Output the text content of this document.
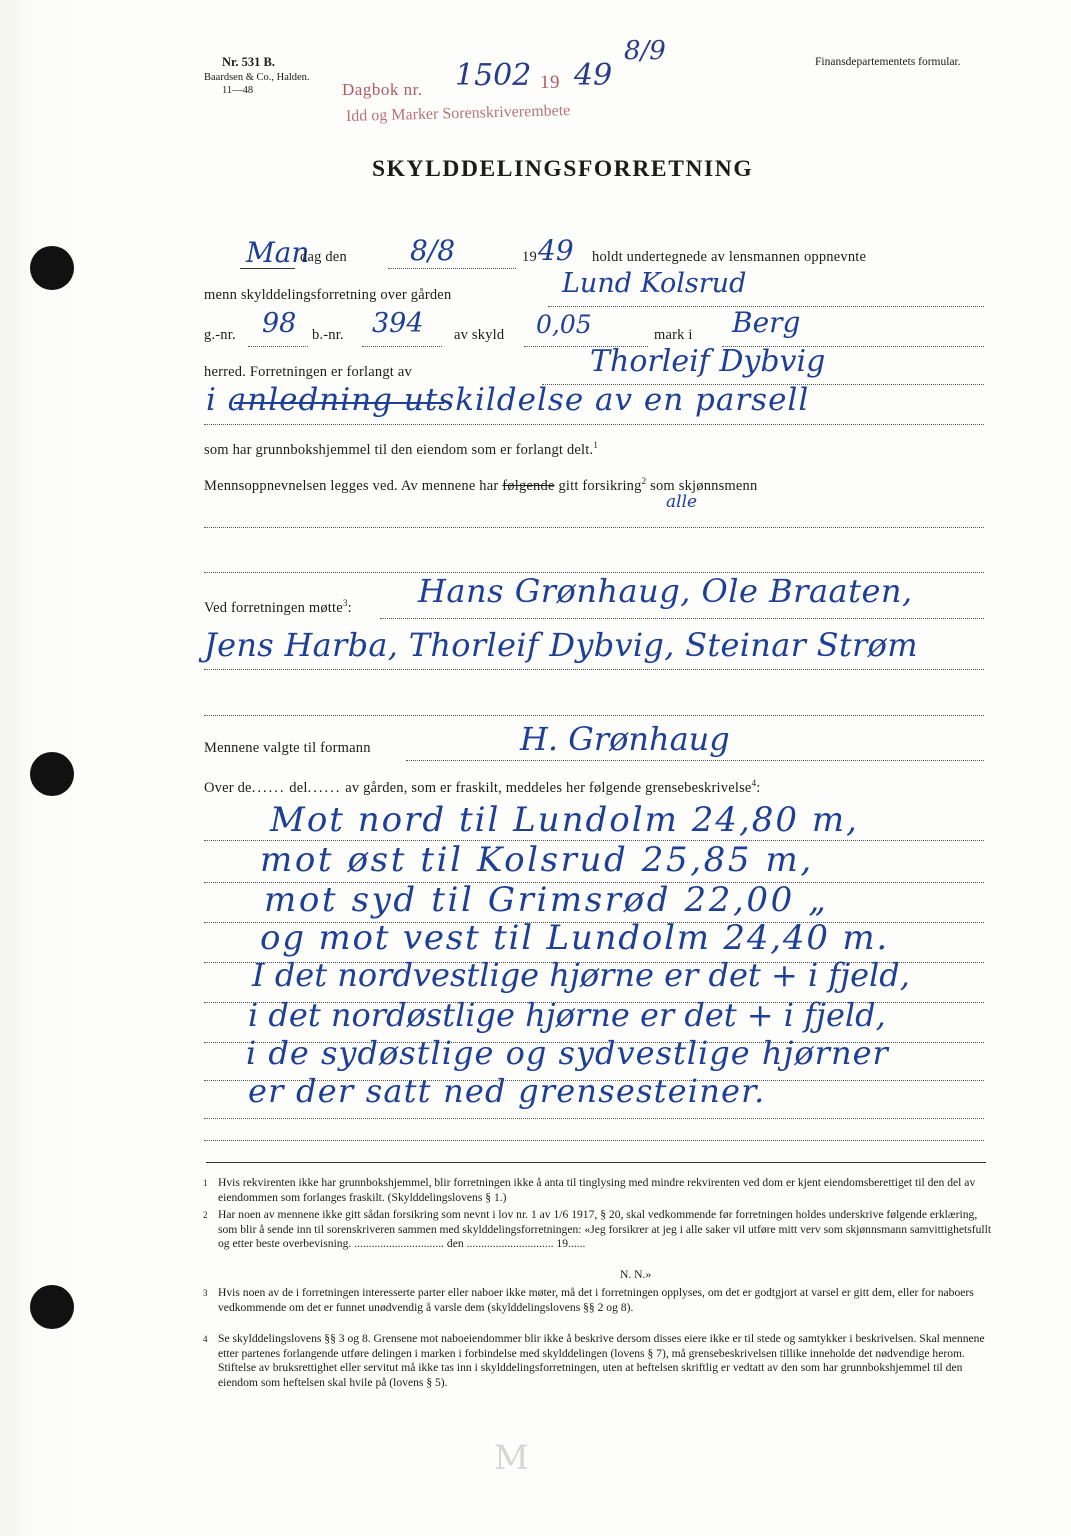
Nr. 531 B.
Baardsen & Co., Halden.
11—48
Finansdepartementets formular.
Dagbok nr. 1502 19 49
8/9
Idd og Marker Sorenskriverembete
SKYLDDELINGSFORRETNING
Man
dag den 8/8	19 49 holdt undertegnede av lensmannen oppnevnte
menn skylddelingsforretning over gården	Lund Kolsrud
g.-nr. 98 b.-nr. 394 av skyld 0,05	mark i Berg
herred. Forretningen er forlangt av	Thorleif Dybvig
i anledning utskildelse av en parsell
som har grunnbokshjemmel til den eiendom som er forlangt delt.$^1$
Mennsoppnevnelsen legges ved. Av mennene har følgende gitt forsikring$^2$ som skjønnsmenn
alle
Ved forretningen møtte$^3$: Hans Grønhaug, Ole Braaten,
Jens Harba, Thorleif Dybvig, Steinar Strøm
Mennene valgte til formann	H. Grønhaug
Over de...... del...... av gården, som er fraskilt, meddeles her følgende grensebeskrivelse$^4$:
Mot nord til Lundolm 24,80 m,
mot øst til Kolsrud 25,85 m,
mot syd til Grimsrød 22,00 „
og mot vest til Lundolm 24,40 m.
I det nordvestlige hjørne er det + i fjeld,
i det nordøstlige hjørne er det + i fjeld,
i de sydøstlige og sydvestlige hjørner
er der satt ned grensesteiner.
1 Hvis rekvirenten ikke har grunnbokshjemmel, blir forretningen ikke å anta til tinglysing med mindre rekvirenten ved dom er kjent eiendomsberettiget til den del av eiendommen som forlanges fraskilt. (Skylddelingslovens § 1.)
2 Har noen av mennene ikke gitt sådan forsikring som nevnt i lov nr. 1 av 1/6 1917, § 20, skal vedkommende før forretningen holdes underskrive følgende erklæring, som blir å sende inn til sorenskriveren sammen med skylddelingsforretningen: «Jeg forsikrer at jeg i alle saker vil utføre mitt verv som skjønnsmann samvittighetsfullt og etter beste overbevisning. ............................... den .............................. 19......
N. N.»
3 Hvis noen av de i forretningen interesserte parter eller naboer ikke møter, må det i forretningen opplyses, om det er godtgjort at varsel er gitt dem, eller for naboers vedkommende om det er funnet unødvendig å varsle dem (skylddelingslovens §§ 2 og 8).
4 Se skylddelingslovens §§ 3 og 8. Grensene mot naboeiendommer blir ikke å beskrive dersom disses eiere ikke er til stede og samtykker i beskrivelsen. Skal mennene etter partenes forlangende utføre delingen i marken i forbindelse med skylddelingen (lovens § 7), må grensebeskrivelsen tillike inneholde det nødvendige herom. Stiftelse av bruksrettighet eller servitut må ikke tas inn i skylddelingsforretningen, uten at heftelsen skriftlig er vedtatt av den som har grunnbokshjemmel til den eiendom som heftelsen skal hvile på (lovens § 5).
M
